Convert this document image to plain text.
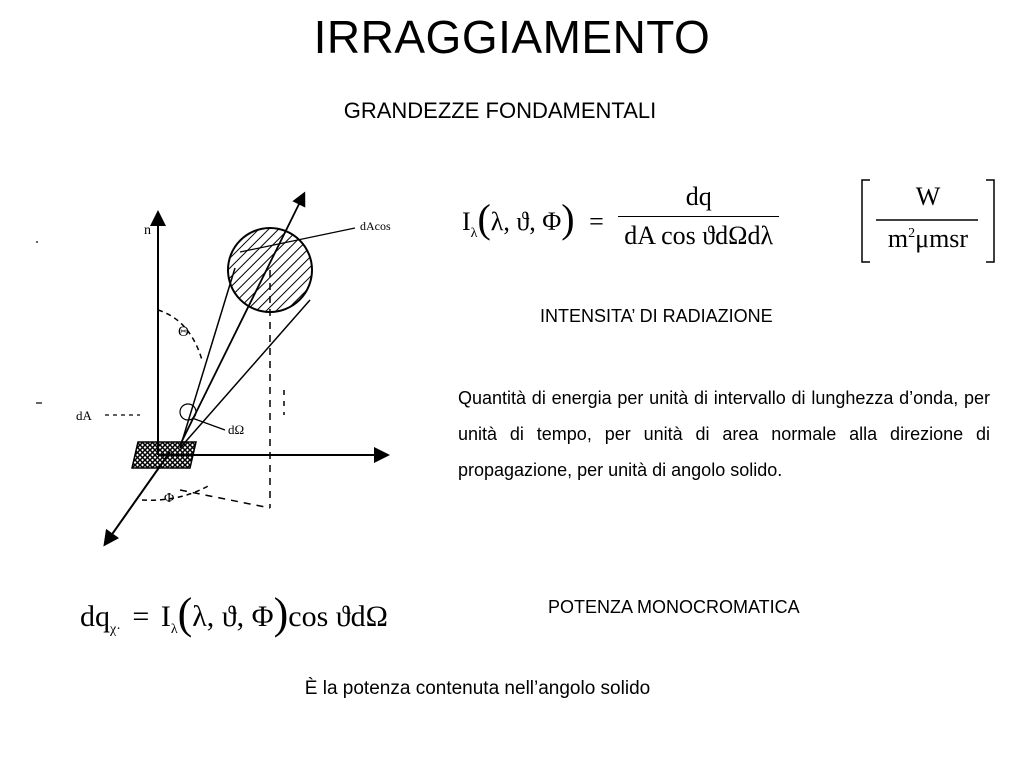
IRRAGGIAMENTO
GRANDEZZE FONDAMENTALI
n	dAcos
Θ
dΩ
dA
Φ
$I_\lambda(\lambda$, ϑ, $\Phi) = \frac{dq}{\text{dA cos ϑdΩdλ}}$	W
$m^2\mu msr$
INTENSITA’ DI RADIAZIONE
Quantità di energia per unità di intervallo di lunghezza d’onda, per unità di tempo, per unità di area normale alla direzione di propagazione, per unità di angolo solido.
$dq_{\chi\cdot} = I_\lambda(\lambda$, ϑ, Φ)cos ϑdΩ	POTENZA MONOCROMATICA
È la potenza contenuta nell’angolo solido
